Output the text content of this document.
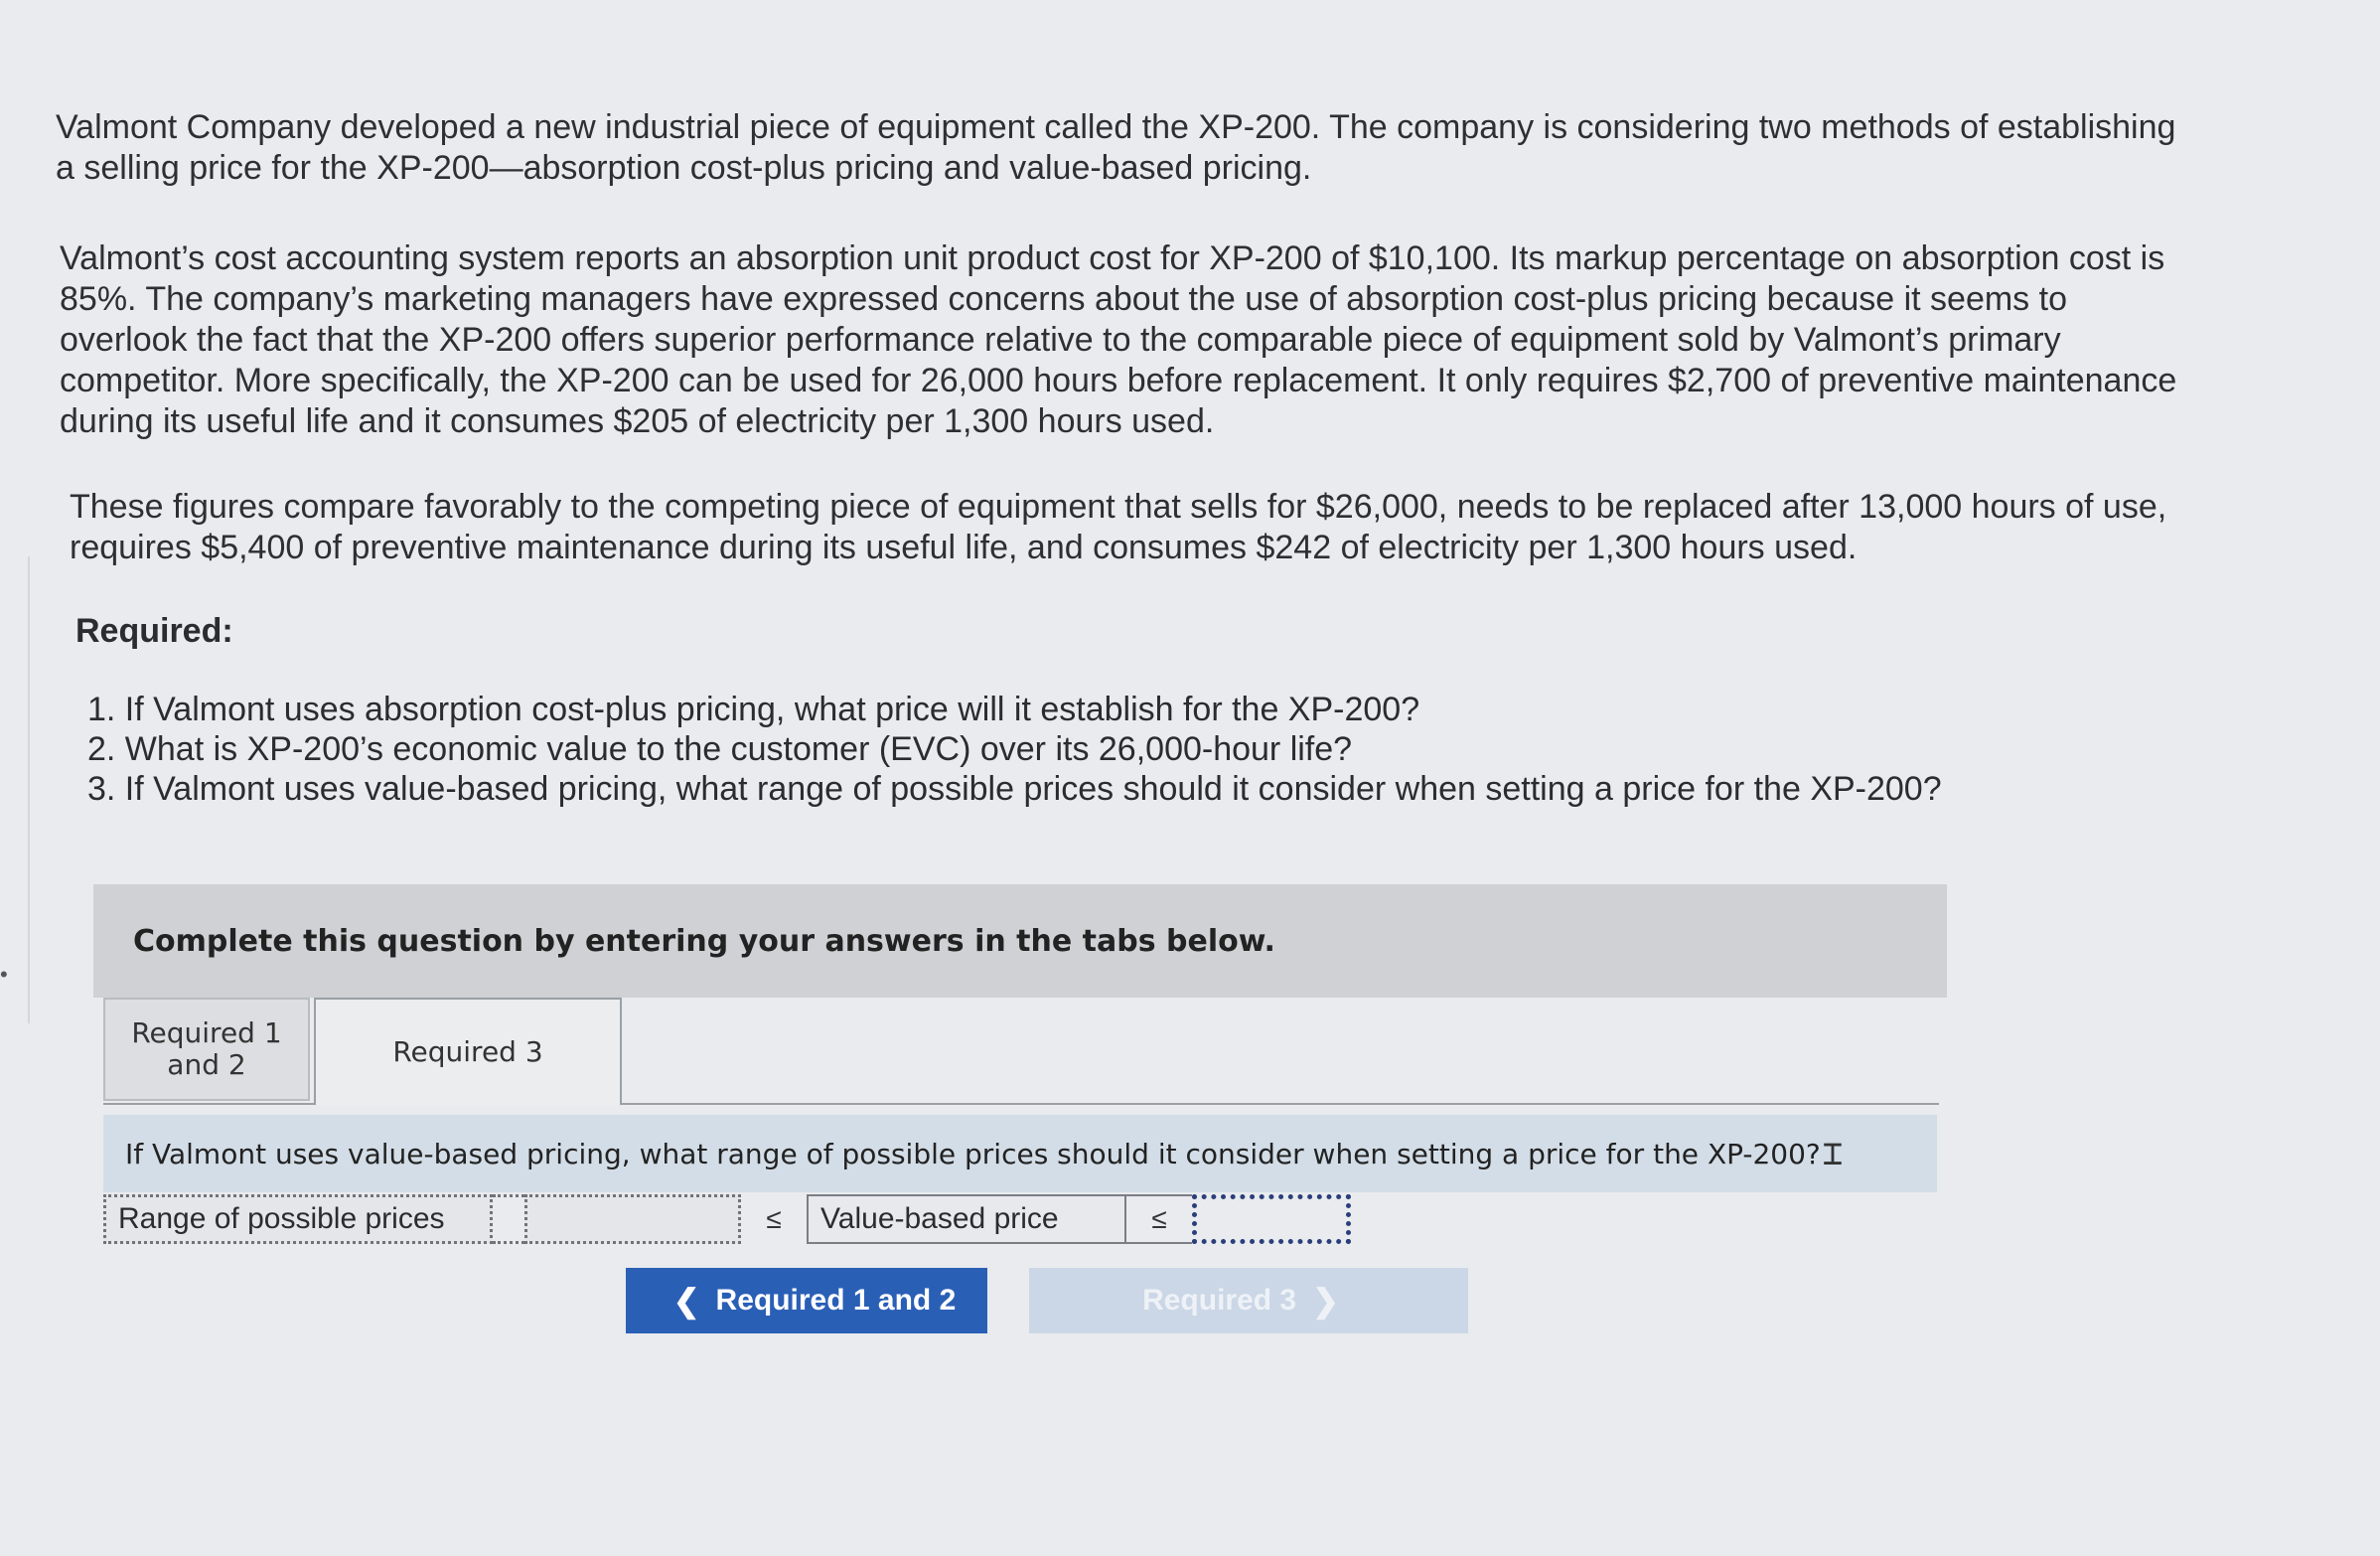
•

Valmont Company developed a new industrial piece of equipment called the XP-200. The company is considering two methods of establishing a selling price for the XP-200—absorption cost-plus pricing and value-based pricing.

Valmont’s cost accounting system reports an absorption unit product cost for XP-200 of $10,100. Its markup percentage on absorption cost is 85%. The company’s marketing managers have expressed concerns about the use of absorption cost-plus pricing because it seems to overlook the fact that the XP-200 offers superior performance relative to the comparable piece of equipment sold by Valmont’s primary competitor. More specifically, the XP-200 can be used for 26,000 hours before replacement. It only requires $2,700 of preventive maintenance during its useful life and it consumes $205 of electricity per 1,300 hours used.

These figures compare favorably to the competing piece of equipment that sells for $26,000, needs to be replaced after 13,000 hours of use, requires $5,400 of preventive maintenance during its useful life, and consumes $242 of electricity per 1,300 hours used.

Required:

1. If Valmont uses absorption cost-plus pricing, what price will it establish for the XP-200?
2. What is XP-200’s economic value to the customer (EVC) over its 26,000-hour life?
3. If Valmont uses value-based pricing, what range of possible prices should it consider when setting a price for the XP-200?
Complete this question by entering your answers in the tabs below.
Required 1
and 2	Required 3
If Valmont uses value-based pricing, what range of possible prices should it consider when setting a price for the XP-200? ⌶
Range of possible prices	≤	Value-based price	≤
❮ Required 1 and 2	Required 3 ❯
